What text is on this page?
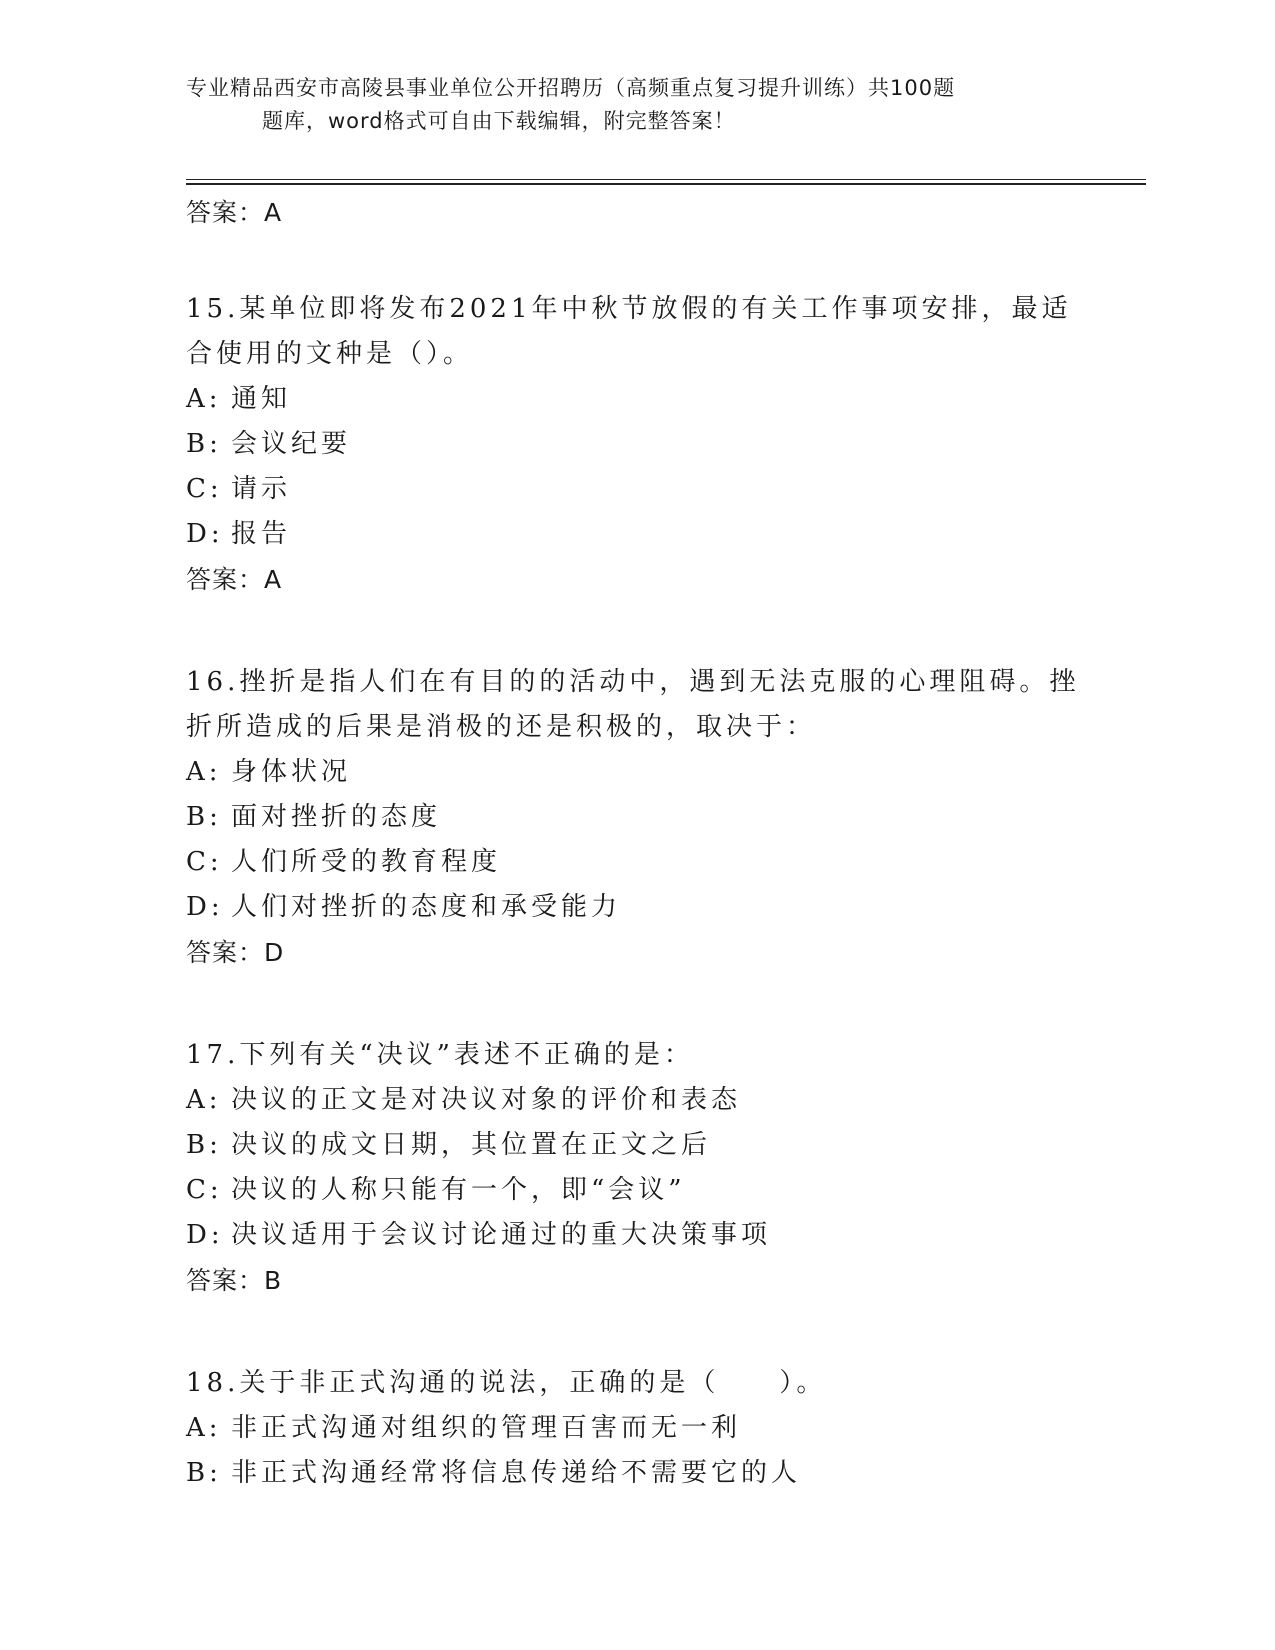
专业精品西安市高陵县事业单位公开招聘历（高频重点复习提升训练）共100题
题库，word格式可自由下载编辑，附完整答案！

答案：A

15.某单位即将发布2021年中秋节放假的有关工作事项安排，最适合使用的文种是（）。

A: 通知

B: 会议纪要

C: 请示

D: 报告

答案：A

16.挫折是指人们在有目的的活动中，遇到无法克服的心理阻碍。挫折所造成的后果是消极的还是积极的，取决于：

A: 身体状况

B: 面对挫折的态度

C: 人们所受的教育程度

D: 人们对挫折的态度和承受能力

答案：D

17.下列有关“决议”表述不正确的是：

A: 决议的正文是对决议对象的评价和表态

B: 决议的成文日期，其位置在正文之后

C: 决议的人称只能有一个，即“会议”

D: 决议适用于会议讨论通过的重大决策事项

答案：B

18.关于非正式沟通的说法，正确的是（　　）。

A: 非正式沟通对组织的管理百害而无一利

B: 非正式沟通经常将信息传递给不需要它的人
